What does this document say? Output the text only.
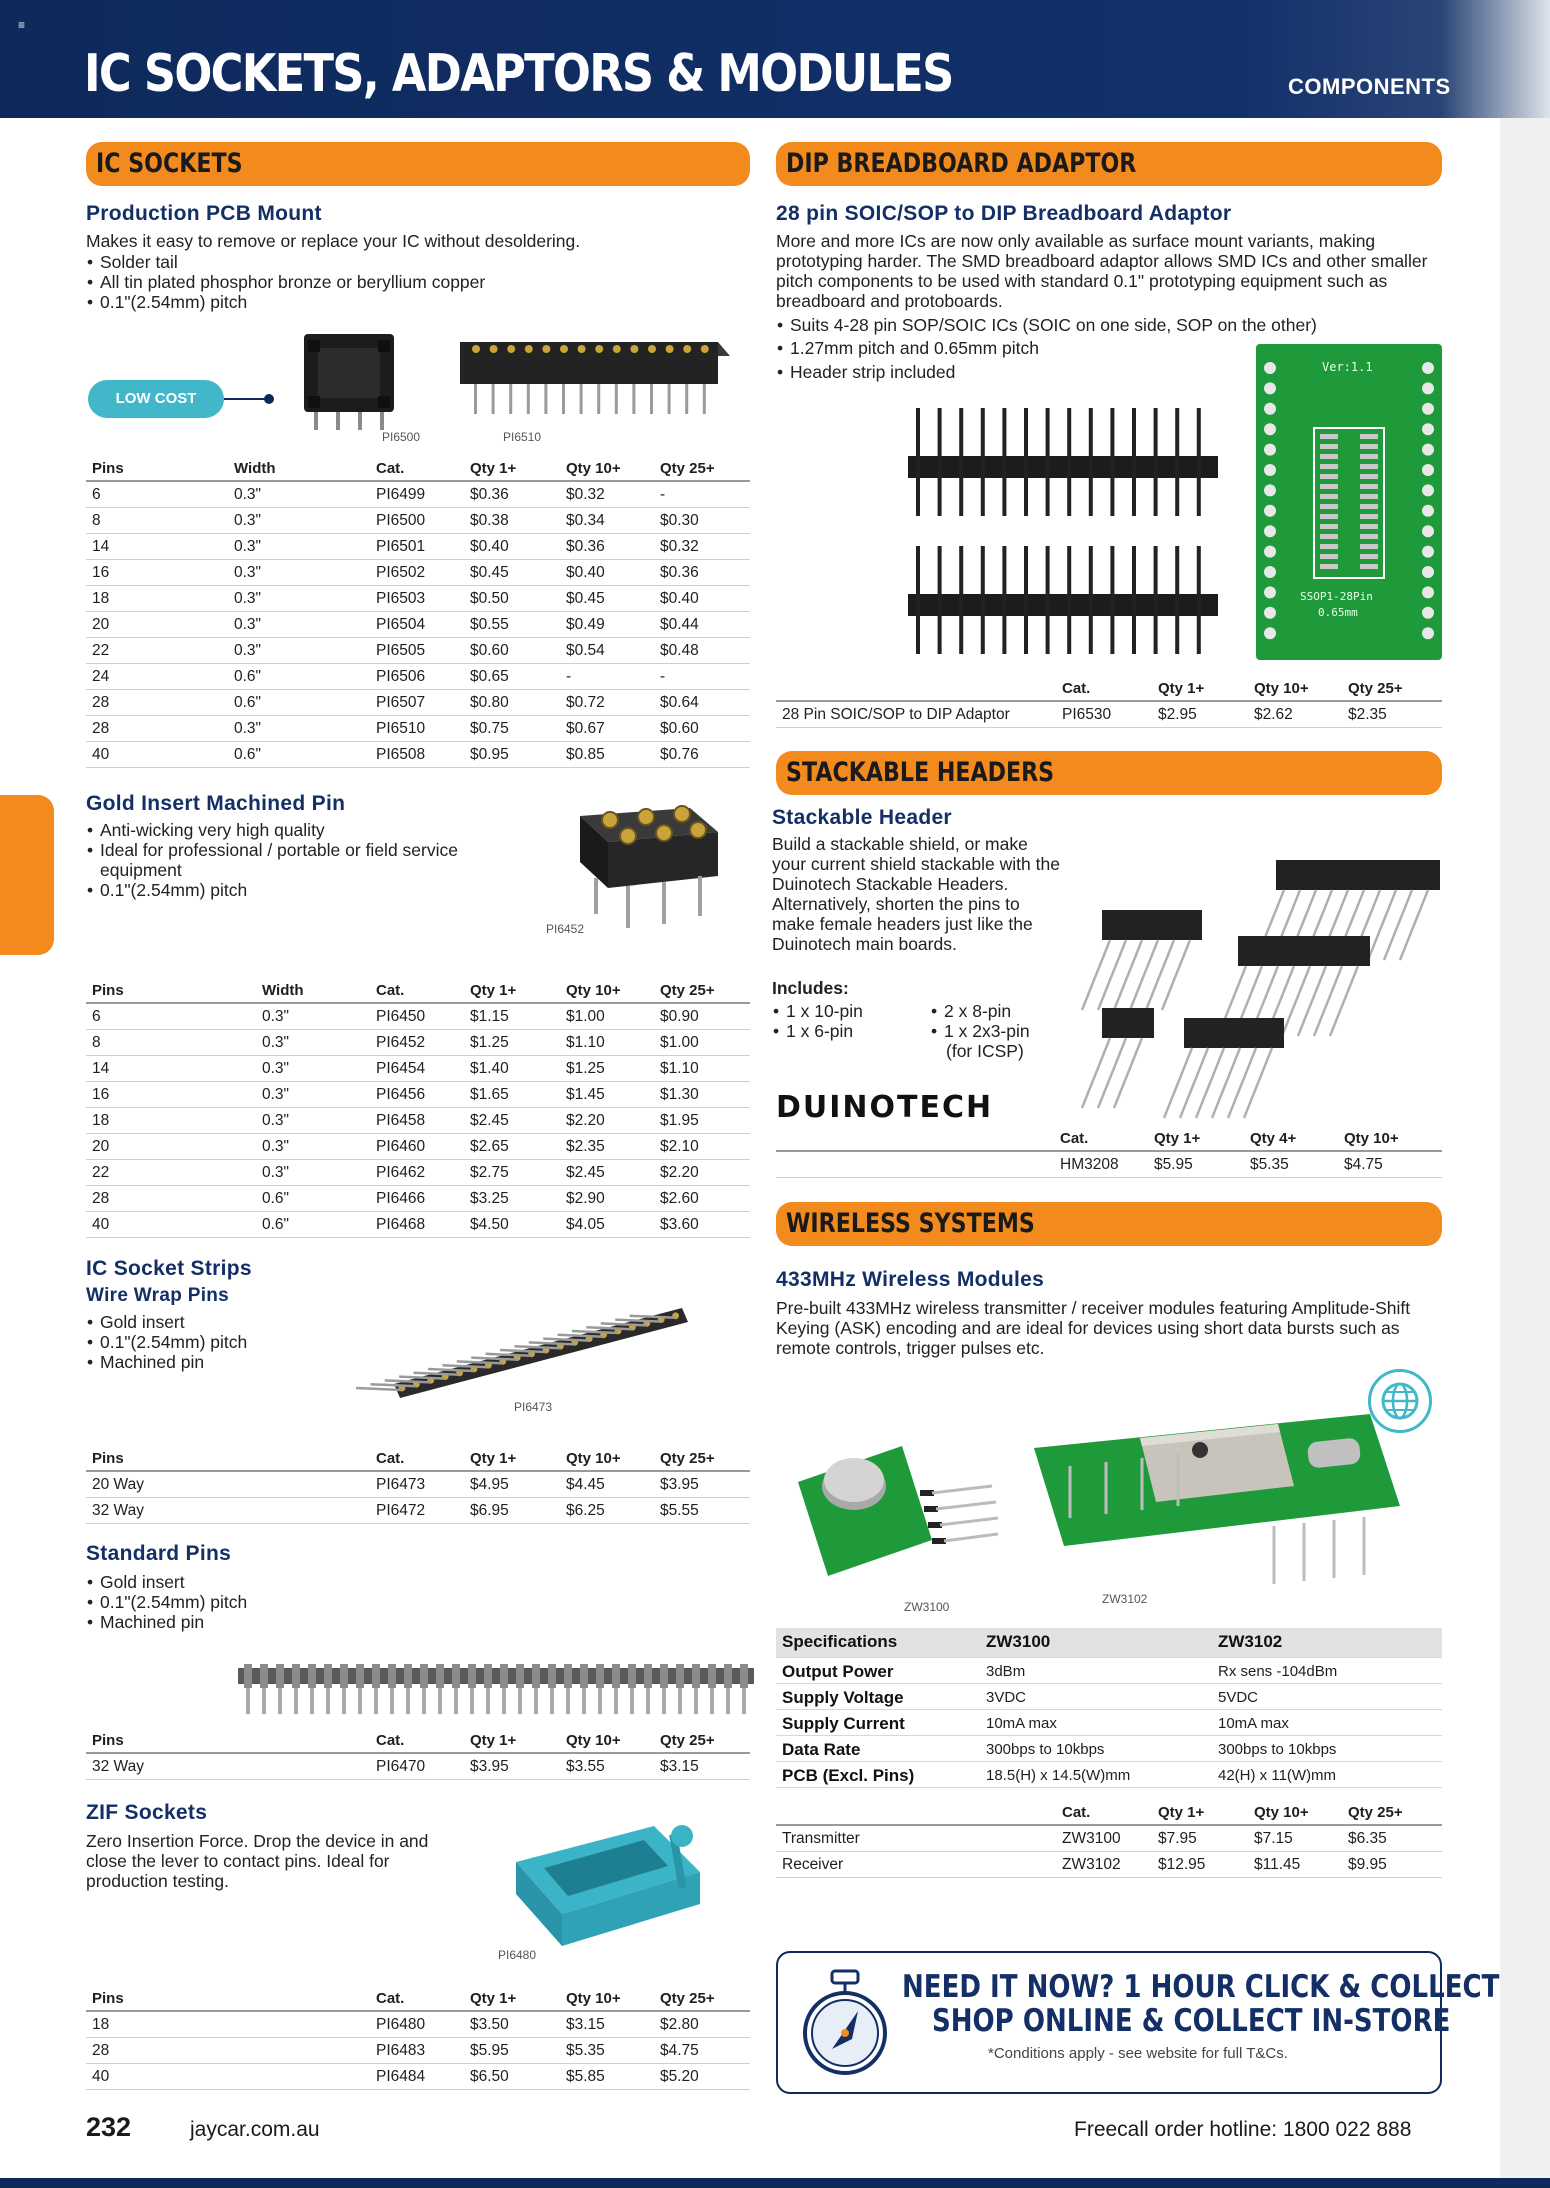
≡
IC SOCKETS, ADAPTORS & MODULES	COMPONENTS
IC SOCKETS
Production PCB Mount
Makes it easy to remove or replace your IC without desoldering.
• Solder tail
• All tin plated phosphor bronze or beryllium copper
• 0.1"(2.54mm) pitch
LOW COST
PI6500	PI6510
Pins	Width	Cat.	Qty 1+	Qty 10+	Qty 25+
6	0.3"	PI6499	$0.36	$0.32	-
8	0.3"	PI6500	$0.38	$0.34	$0.30
14	0.3"	PI6501	$0.40	$0.36	$0.32
16	0.3"	PI6502	$0.45	$0.40	$0.36
18	0.3"	PI6503	$0.50	$0.45	$0.40
20	0.3"	PI6504	$0.55	$0.49	$0.44
22	0.3"	PI6505	$0.60	$0.54	$0.48
24	0.6"	PI6506	$0.65	-	-
28	0.6"	PI6507	$0.80	$0.72	$0.64
28	0.3"	PI6510	$0.75	$0.67	$0.60
40	0.6"	PI6508	$0.95	$0.85	$0.76
Gold Insert Machined Pin
• Anti-wicking very high quality
• Ideal for professional / portable or field service equipment
• 0.1"(2.54mm) pitch
PI6452
Pins	Width	Cat.	Qty 1+	Qty 10+	Qty 25+
6	0.3"	PI6450	$1.15	$1.00	$0.90
8	0.3"	PI6452	$1.25	$1.10	$1.00
14	0.3"	PI6454	$1.40	$1.25	$1.10
16	0.3"	PI6456	$1.65	$1.45	$1.30
18	0.3"	PI6458	$2.45	$2.20	$1.95
20	0.3"	PI6460	$2.65	$2.35	$2.10
22	0.3"	PI6462	$2.75	$2.45	$2.20
28	0.6"	PI6466	$3.25	$2.90	$2.60
40	0.6"	PI6468	$4.50	$4.05	$3.60
IC Socket Strips
Wire Wrap Pins
• Gold insert
• 0.1"(2.54mm) pitch
• Machined pin
PI6473
Pins	Cat.	Qty 1+	Qty 10+	Qty 25+
20 Way	PI6473	$4.95	$4.45	$3.95
32 Way	PI6472	$6.95	$6.25	$5.55
Standard Pins
• Gold insert
• 0.1"(2.54mm) pitch
• Machined pin
Pins	Cat.	Qty 1+	Qty 10+	Qty 25+
32 Way	PI6470	$3.95	$3.55	$3.15
ZIF Sockets
Zero Insertion Force. Drop the device in and close the lever to contact pins. Ideal for production testing.
PI6480
Pins	Cat.	Qty 1+	Qty 10+	Qty 25+
18	PI6480	$3.50	$3.15	$2.80
28	PI6483	$5.95	$5.35	$4.75
40	PI6484	$6.50	$5.85	$5.20
DIP BREADBOARD ADAPTOR
28 pin SOIC/SOP to DIP Breadboard Adaptor
More and more ICs are now only available as surface mount variants, making prototyping harder. The SMD breadboard adaptor allows SMD ICs and other smaller pitch components to be used with standard 0.1" prototyping equipment such as breadboard and protoboards.
• Suits 4-28 pin SOP/SOIC ICs (SOIC on one side, SOP on the other)
• 1.27mm pitch and 0.65mm pitch
• Header strip included	Ver:1.1
SSOP1-28Pin
0.65mm
Cat.	Qty 1+	Qty 10+	Qty 25+
28 Pin SOIC/SOP to DIP Adaptor	PI6530	$2.95	$2.62	$2.35
STACKABLE HEADERS
Stackable Header
Build a stackable shield, or make your current shield stackable with the Duinotech Stackable Headers. Alternatively, shorten the pins to make female headers just like the Duinotech main boards.
Includes:
• 1 x 10-pin
• 1 x 6-pin
• 2 x 8-pin
• 1 x 2x3-pin
(for ICSP)
DUINOTECH
Cat.	Qty 1+	Qty 4+	Qty 10+
HM3208 $5.95	$5.35	$4.75
WIRELESS SYSTEMS
433MHz Wireless Modules
Pre-built 433MHz wireless transmitter / receiver modules featuring Amplitude-Shift Keying (ASK) encoding and are ideal for devices using short data bursts such as remote controls, trigger pulses etc.
ZW3100
ZW3102
Specifications	ZW3100	ZW3102
Output Power	3dBm	Rx sens -104dBm
Supply Voltage	3VDC	5VDC
Supply Current	10mA max	10mA max
Data Rate	300bps to 10kbps	300bps to 10kbps
PCB (Excl. Pins)	18.5(H) x 14.5(W)mm	42(H) x 11(W)mm
Cat.	Qty 1+	Qty 10+	Qty 25+
Transmitter	ZW3100 $7.95	$7.15	$6.35
Receiver	ZW3102 $12.95	$11.45	$9.95
NEED IT NOW? 1 HOUR CLICK & COLLECT
SHOP ONLINE & COLLECT IN-STORE
*Conditions apply - see website for full T&Cs.
232	jaycar.com.au	Freecall order hotline: 1800 022 888
